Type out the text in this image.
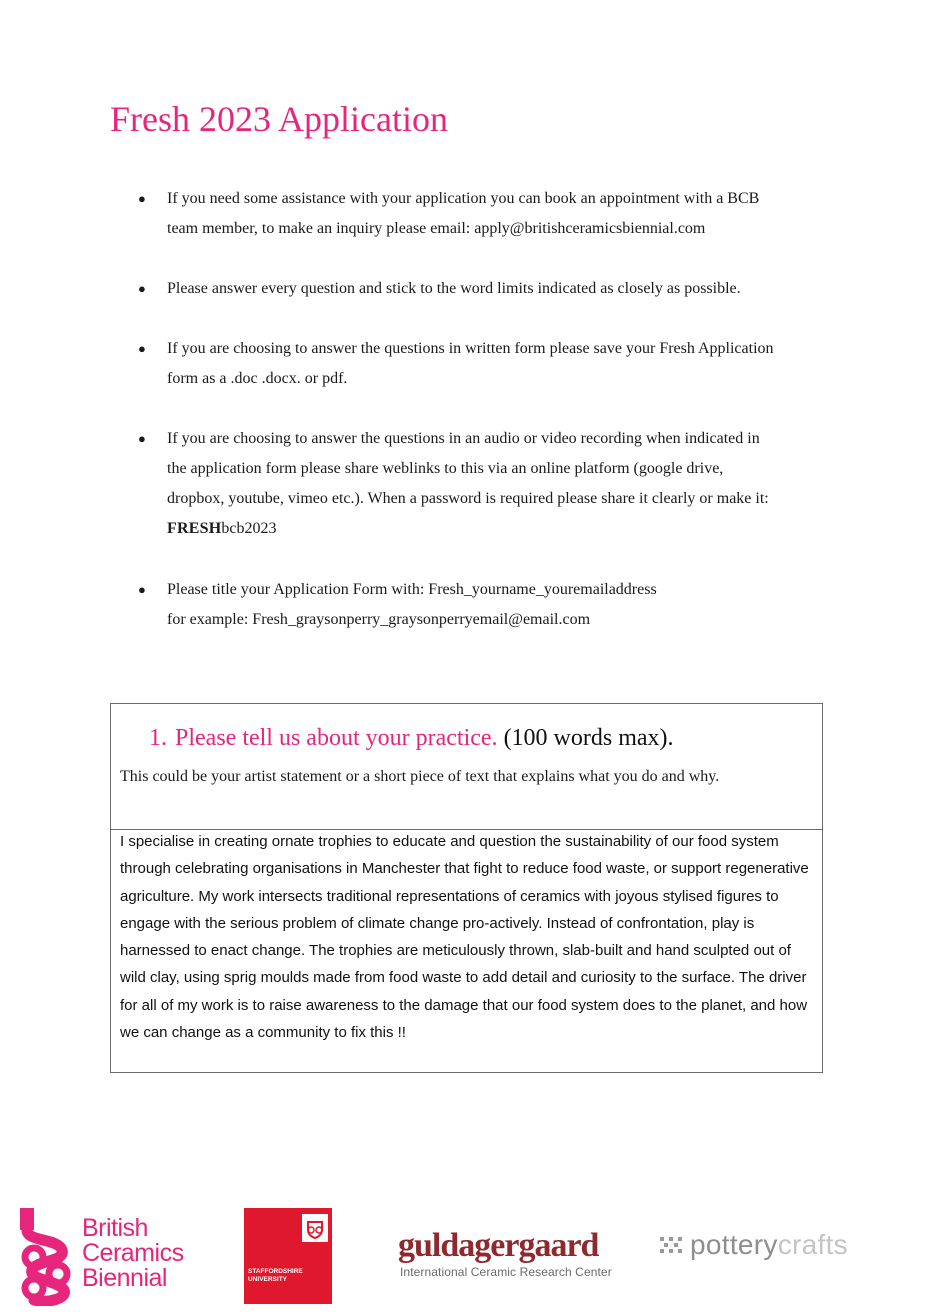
Fresh 2023 Application
● If you need some assistance with your application you can book an appointment with a BCB

team member, to make an inquiry please email: apply@britishceramicsbiennial.com

● Please answer every question and stick to the word limits indicated as closely as possible.

● If you are choosing to answer the questions in written form please save your Fresh Application

form as a .doc .docx. or pdf.

● If you are choosing to answer the questions in an audio or video recording when indicated in

the application form please share weblinks to this via an online platform (google drive,

dropbox, youtube, vimeo etc.). When a password is required please share it clearly or make it:

FRESHbcb2023

● Please title your Application Form with: Fresh_yourname_youremailaddress

for example: Fresh_graysonperry_graysonperryemail@email.com

1. Please tell us about your practice. (100 words max).
This could be your artist statement or a short piece of text that explains what you do and why.

I specialise in creating ornate trophies to educate and question the sustainability of our food system through celebrating organisations in Manchester that fight to reduce food waste, or support regenerative agriculture. My work intersects traditional representations of ceramics with joyous stylised figures to engage with the serious problem of climate change pro-actively. Instead of confrontation, play is harnessed to enact change. The trophies are meticulously thrown, slab-built and hand sculpted out of wild clay, using sprig moulds made from food waste to add detail and curiosity to the surface. The driver for all of my work is to raise awareness to the damage that our food system does to the planet, and how we can change as a community to fix this !!

British
Ceramics
Biennial	STAFFORDSHIRE
UNIVERSITY
guldagergaard
International Ceramic Research Center
potterycrafts
